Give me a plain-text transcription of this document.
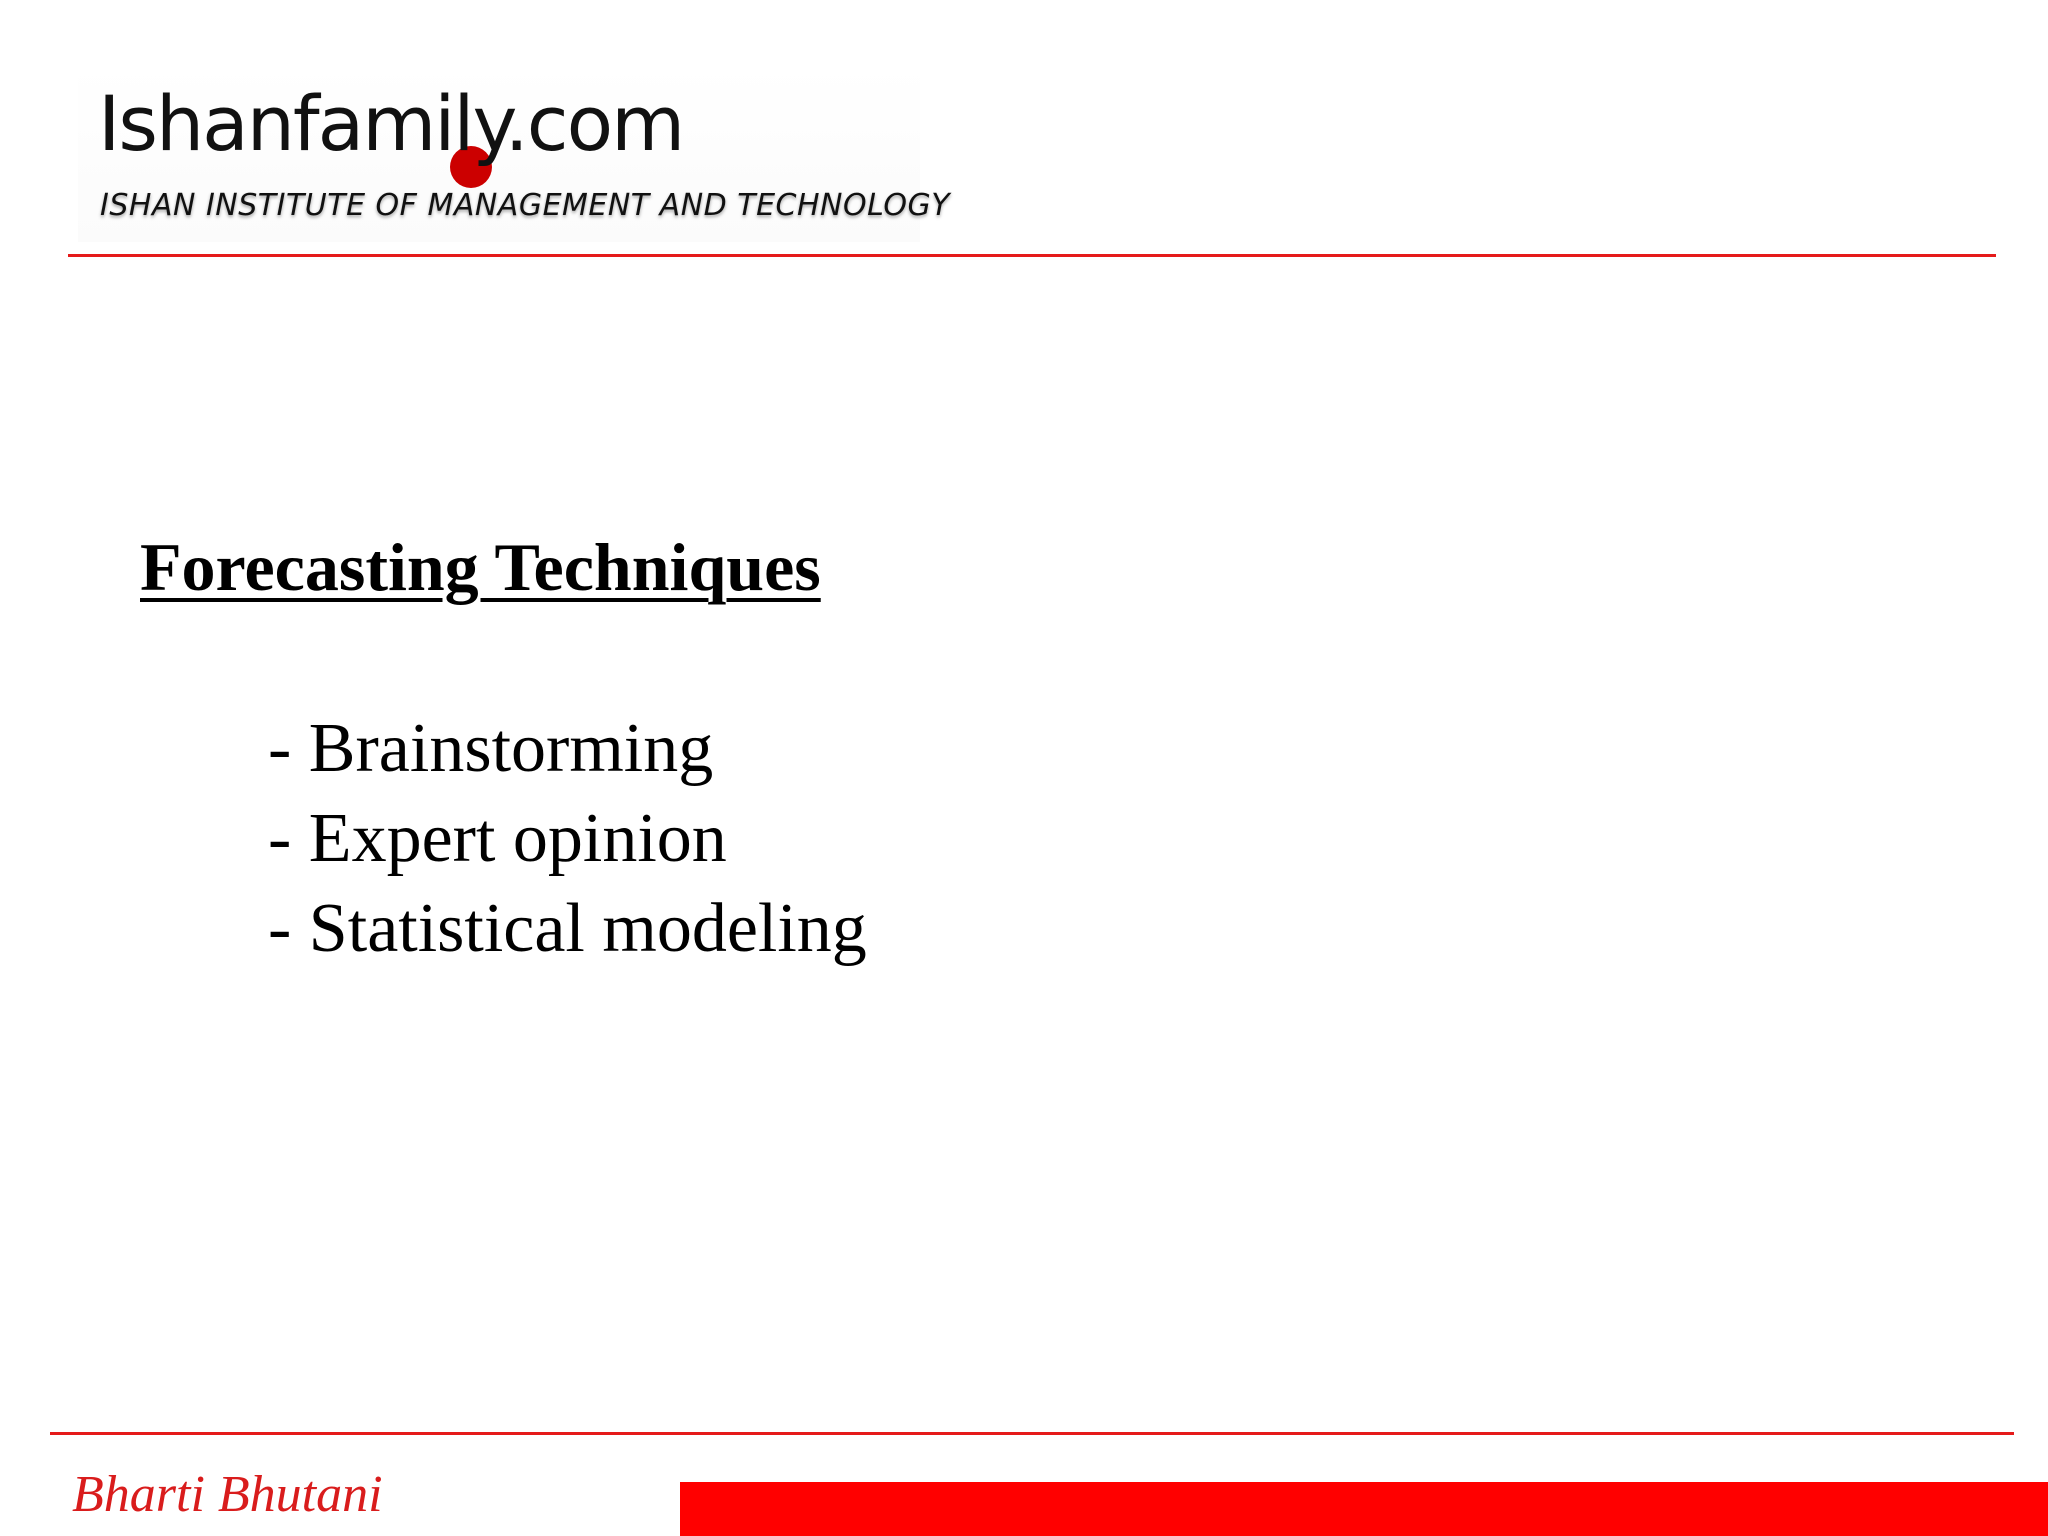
Ishanfamily.com
ISHAN INSTITUTE OF MANAGEMENT AND TECHNOLOGY
Forecasting Techniques
- Brainstorming
- Expert opinion
- Statistical modeling
Bharti Bhutani
